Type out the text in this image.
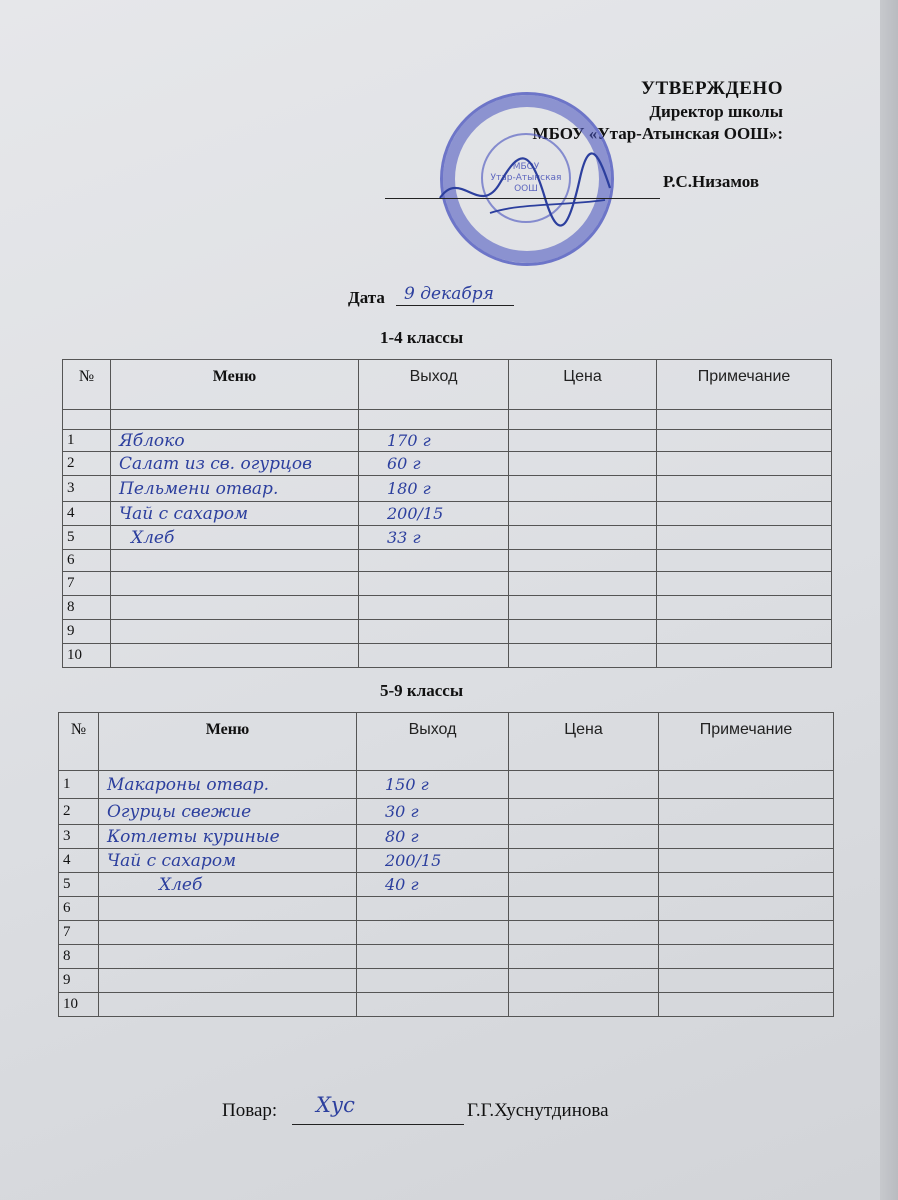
УТВЕРЖДЕНО
Директор школы
МБОУ «Утар-Атынская ООШ»:
МБОУ
Утар-Атынская
ООШ	Р.С.Низамов
Дата 9 декабря
1-4 классы
№	Меню	Выход	Цена	Примечание

1	Яблоко	170 г		
2	Салат из св. огурцов	60 г		
3	Пельмени отвар.	180 г		
4	Чай с сахаром	200/15		
5	Хлеб	33 г		
6				
7				
8				
9				
10				
5-9 классы
№	Меню	Выход	Цена	Примечание
1	Макароны отвар.	150 г		
2	Огурцы свежие	30 г		
3	Котлеты куриные	80 г		
4	Чай с сахаром	200/15		
5	Хлеб	40 г		
6				
7				
8				
9				
10				
Повар: Хус	Г.Г.Хуснутдинова
